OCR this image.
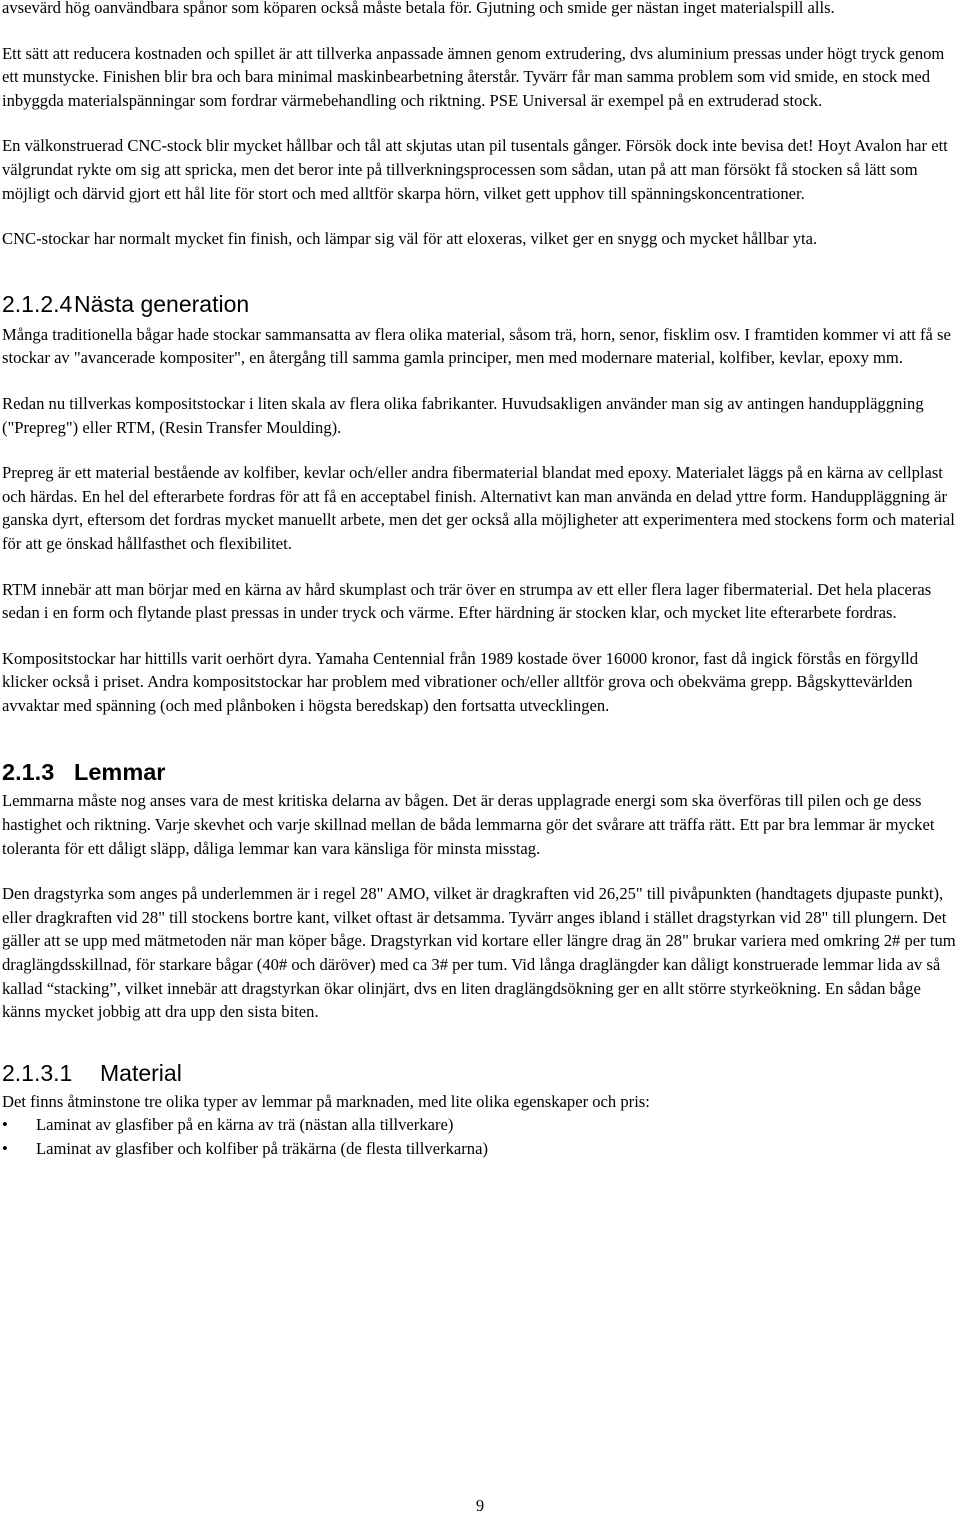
avsevärd hög oanvändbara spånor som köparen också måste betala för. Gjutning och smide ger nästan inget materialspill alls.

Ett sätt att reducera kostnaden och spillet är att tillverka anpassade ämnen genom extrudering, dvs aluminium pressas under högt tryck genom ett munstycke. Finishen blir bra och bara minimal maskinbearbetning återstår. Tyvärr får man samma problem som vid smide, en stock med inbyggda materialspänningar som fordrar värmebehandling och riktning. PSE Universal är exempel på en extruderad stock.

En välkonstruerad CNC-stock blir mycket hållbar och tål att skjutas utan pil tusentals gånger. Försök dock inte bevisa det! Hoyt Avalon har ett välgrundat rykte om sig att spricka, men det beror inte på tillverkningsprocessen som sådan, utan på att man försökt få stocken så lätt som möjligt och därvid gjort ett hål lite för stort och med alltför skarpa hörn, vilket gett upphov till spänningskoncentrationer.

CNC-stockar har normalt mycket fin finish, och lämpar sig väl för att eloxeras, vilket ger en snygg och mycket hållbar yta.

2.1.2.4Nästa generation

Många traditionella bågar hade stockar sammansatta av flera olika material, såsom trä, horn, senor, fisklim osv. I framtiden kommer vi att få se stockar av "avancerade kompositer", en återgång till samma gamla principer, men med modernare material, kolfiber, kevlar, epoxy mm.

Redan nu tillverkas kompositstockar i liten skala av flera olika fabrikanter. Huvudsakligen använder man sig av antingen handuppläggning ("Prepreg") eller RTM, (Resin Transfer Moulding).

Prepreg är ett material bestående av kolfiber, kevlar och/eller andra fibermaterial blandat med epoxy. Materialet läggs på en kärna av cellplast och härdas. En hel del efterarbete fordras för att få en acceptabel finish. Alternativt kan man använda en delad yttre form. Handuppläggning är ganska dyrt, eftersom det fordras mycket manuellt arbete, men det ger också alla möjligheter att experimentera med stockens form och material för att ge önskad hållfasthet och flexibilitet.

RTM innebär att man börjar med en kärna av hård skumplast och trär över en strumpa av ett eller flera lager fibermaterial. Det hela placeras sedan i en form och flytande plast pressas in under tryck och värme. Efter härdning är stocken klar, och mycket lite efterarbete fordras.

Kompositstockar har hittills varit oerhört dyra. Yamaha Centennial från 1989 kostade över 16000 kronor, fast då ingick förstås en förgylld klicker också i priset. Andra kompositstockar har problem med vibrationer och/eller alltför grova och obekväma grepp. Bågskyttevärlden avvaktar med spänning (och med plånboken i högsta beredskap) den fortsatta utvecklingen.

2.1.3 Lemmar

Lemmarna måste nog anses vara de mest kritiska delarna av bågen. Det är deras upplagrade energi som ska överföras till pilen och ge dess hastighet och riktning. Varje skevhet och varje skillnad mellan de båda lemmarna gör det svårare att träffa rätt. Ett par bra lemmar är mycket toleranta för ett dåligt släpp, dåliga lemmar kan vara känsliga för minsta misstag.

Den dragstyrka som anges på underlemmen är i regel 28" AMO, vilket är dragkraften vid 26,25" till pivåpunkten (handtagets djupaste punkt), eller dragkraften vid 28" till stockens bortre kant, vilket oftast är detsamma. Tyvärr anges ibland i stället dragstyrkan vid 28" till plungern. Det gäller att se upp med mätmetoden när man köper båge. Dragstyrkan vid kortare eller längre drag än 28" brukar variera med omkring 2# per tum draglängdsskillnad, för starkare bågar (40# och däröver) med ca 3# per tum. Vid långa draglängder kan dåligt konstruerade lemmar lida av så kallad “stacking”, vilket innebär att dragstyrkan ökar olinjärt, dvs en liten draglängdsökning ger en allt större styrkeökning. En sådan båge känns mycket jobbig att dra upp den sista biten.

2.1.3.1 Material

Det finns åtminstone tre olika typer av lemmar på marknaden, med lite olika egenskaper och pris:

• Laminat av glasfiber på en kärna av trä (nästan alla tillverkare)
• Laminat av glasfiber och kolfiber på träkärna (de flesta tillverkarna)
9
